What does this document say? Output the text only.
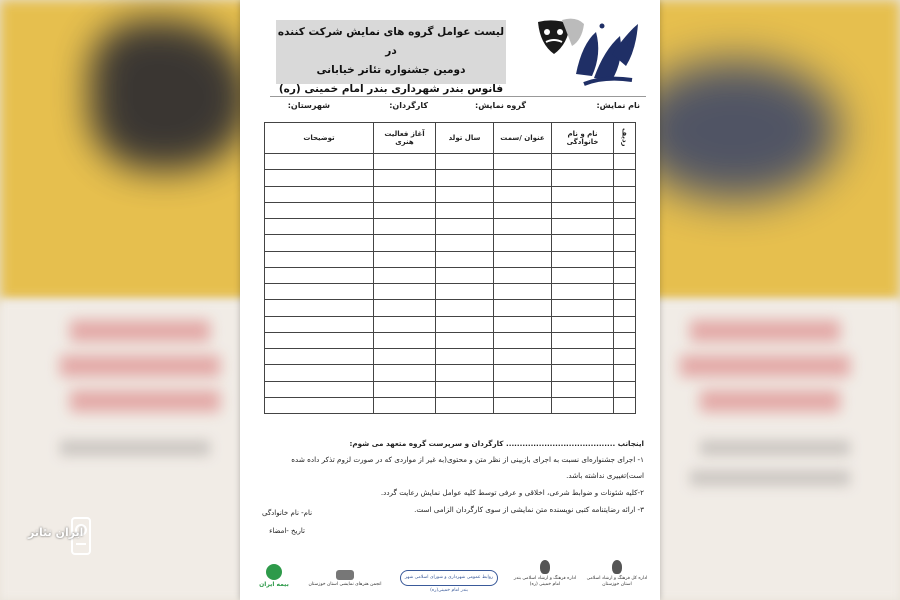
لیست عوامل گروه های نمایش شرکت کننده در
دومین جشنواره تئاتر خیابانی
فانوس بندر شهرداری بندر امام خمینی (ره)
نام نمایش:
گروه نمایش:
کارگردان:
شهرستان:
ردیف	نام و نام خانوادگی	عنوان /سمت	سال تولد	آغاز فعالیت هنری	توضیحات

اینجانب ........................................ کارگردان و سرپرست گروه متعهد می شوم:

۱- اجرای جشنواره‌ای نسبت به اجرای بازبینی از نظر متن و محتوی(به غیر از مواردی که در صورت لزوم تذکر داده شده است)تغییری نداشته باشد.

۲-کلیه شئونات و ضوابط شرعی، اخلاقی و عرفی توسط کلیه عوامل نمایش رعایت گردد.

۳- ارائه رضایتنامه کتبی نویسنده متن نمایشی از سوی کارگردان الزامی است.

نام- نام خانوادگی
تاریخ -امضاء
بیمه ایران	انجمن هنرهای نمایشی استان خوزستان
روابط عمومی شهرداری و شورای اسلامی شهر بندر امام خمینی(ره)
اداره فرهنگ و ارشاد اسلامی بندر امام خمینی (ره)
اداره کل فرهنگ و ارشاد اسلامی استان خوزستان
ایران تئاتر
